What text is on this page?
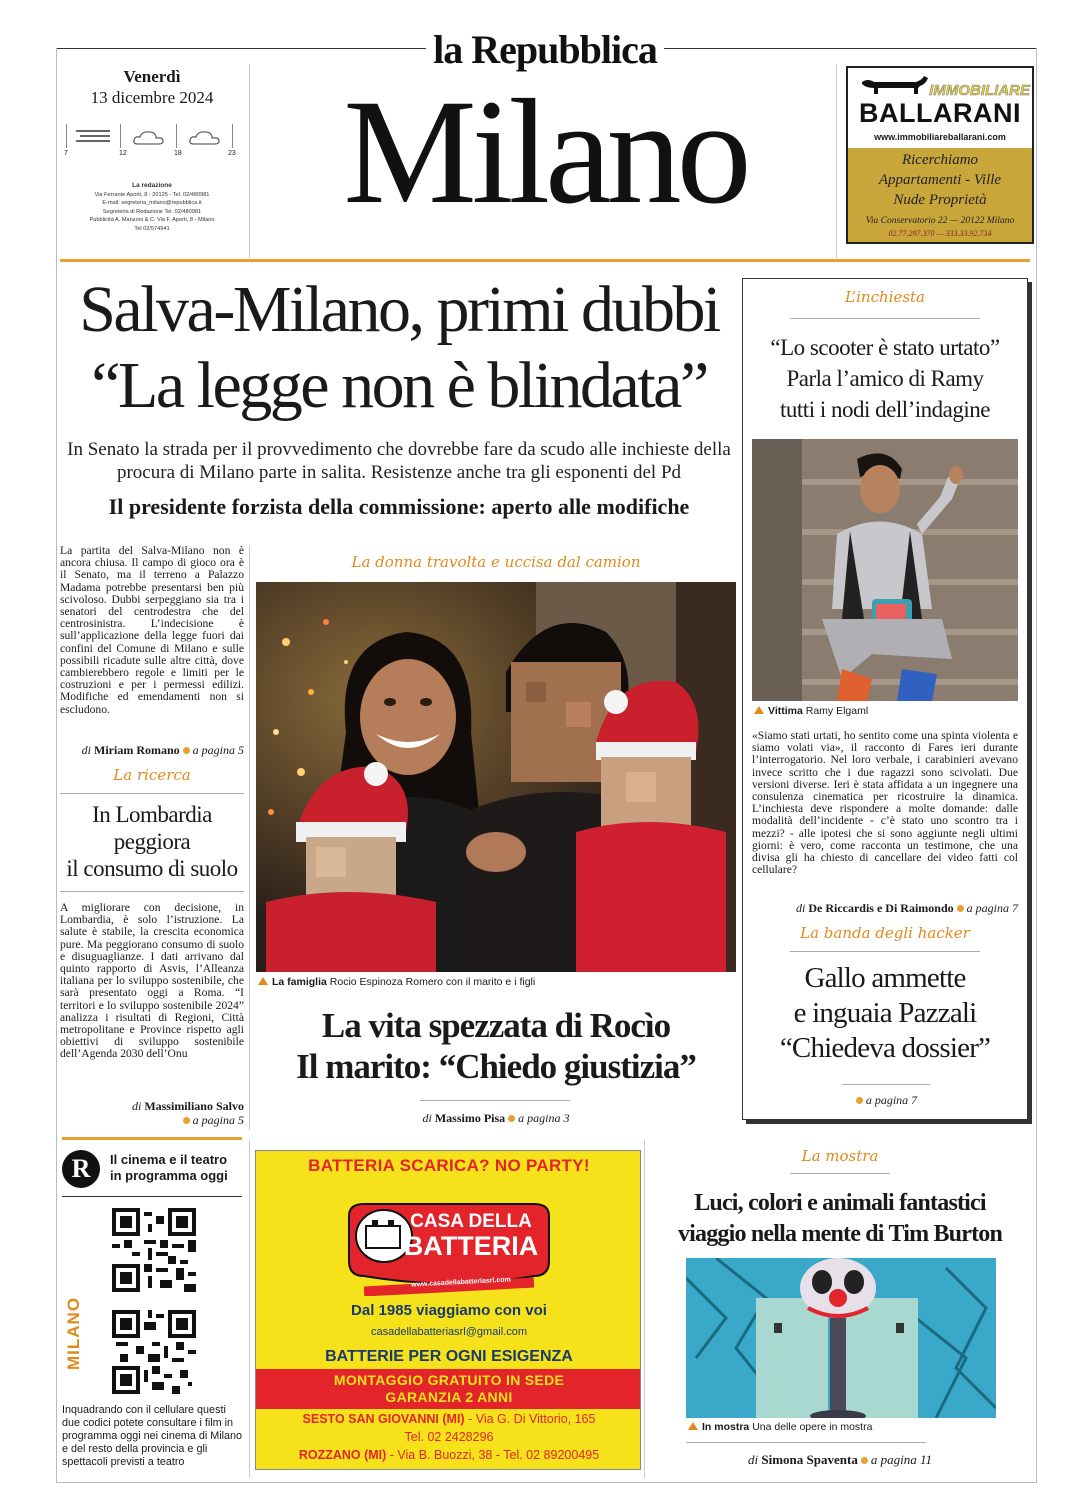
la Repubblica
Milano
Venerdì
13 dicembre 2024
7	12	18	23
La redazione
Via Ferrante Aporti, 8 - 20125 - Tel. 02/480981
E-mail: segreteria_milano@repubblica.it
Segreteria di Redazione Tel. 02/480981
Pubblicità A. Manzoni & C. Via F. Aporti, 8 - Milano
Tel 02/574941
IMMOBILIARE
BALLARANI
www.immobiliareballarani.com
Ricerchiamo
Appartamenti - Ville
Nude Proprietà
Via Conservatorio 22 — 20122 Milano
02.77.297.370 — 333.33.92.734
Salva-Milano, primi dubbi
“La legge non è blindata”
In Senato la strada per il provvedimento che dovrebbe fare da scudo alle inchieste della procura di Milano parte in salita. Resistenze anche tra gli esponenti del Pd
Il presidente forzista della commissione: aperto alle modifiche
La partita del Salva-Milano non è ancora chiusa. Il campo di gioco ora è il Senato, ma il terreno a Palazzo Madama potrebbe presentarsi ben più scivoloso. Dubbi serpeggiano sia tra i senatori del centrodestra che del centrosinistra. L’indecisione è sull’applicazione della legge fuori dai confini del Comune di Milano e sulle possibili ricadute sulle altre città, dove cambierebbero regole e limiti per le costruzioni e per i permessi edilizi. Modifiche ed emendamenti non si escludono.
di Miriam Romano a pagina 5
La ricerca
In Lombardia
peggiora
il consumo di suolo
A migliorare con decisione, in Lombardia, è solo l’istruzione. La salute è stabile, la crescita economica pure. Ma peggiorano consumo di suolo e disuguaglianze. I dati arrivano dal quinto rapporto di Asvis, l’Alleanza italiana per lo sviluppo sostenibile, che sarà presentato oggi a Roma. “I territori e lo sviluppo sostenibile 2024” analizza i risultati di Regioni, Città metropolitane e Province rispetto agli obiettivi di sviluppo sostenibile dell’Agenda 2030 dell’Onu
di Massimiliano Salvo
a pagina 5
La donna travolta e uccisa dal camion
La famiglia Rocio Espinoza Romero con il marito e i figli
La vita spezzata di Rocìo
Il marito: “Chiedo giustizia”
di Massimo Pisa a pagina 3
L’inchiesta
“Lo scooter è stato urtato”
Parla l’amico di Ramy
tutti i nodi dell’indagine
Vittima Ramy Elgaml
«Siamo stati urtati, ho sentito come una spinta violenta e siamo volati via», il racconto di Fares ieri durante l’interrogatorio. Nel loro verbale, i carabinieri avevano invece scritto che i due ragazzi sono scivolati. Due versioni diverse. Ieri è stata affidata a un ingegnere una consulenza cinematica per ricostruire la dinamica. L’inchiesta deve rispondere a molte domande: dalle modalità dell’incidente - c’è stato uno scontro tra i mezzi? - alle ipotesi che si sono aggiunte negli ultimi giorni: è vero, come racconta un testimone, che una divisa gli ha chiesto di cancellare dei video fatti col cellulare?
di De Riccardis e Di Raimondo a pagina 7
La banda degli hacker
Gallo ammette
e inguaia Pazzali
“Chiedeva dossier”
a pagina 7
R	Il cinema e il teatro
in programma oggi
MILANO
Inquadrando con il cellulare questi due codici potete consultare i film in programma oggi nei cinema di Milano e del resto della provincia e gli spettacoli previsti a teatro
BATTERIA SCARICA? NO PARTY!
CASA DELLA
BATTERIA
www.casadellabatteriasrl.com
Dal 1985 viaggiamo con voi
casadellabatteriasrl@gmail.com
BATTERIE PER OGNI ESIGENZA
MONTAGGIO GRATUITO IN SEDE
GARANZIA 2 ANNI
SESTO SAN GIOVANNI (MI) - Via G. Di Vittorio, 165
Tel. 02 2428296
ROZZANO (MI) - Via B. Buozzi, 38 - Tel. 02 89200495
La mostra
Luci, colori e animali fantastici
viaggio nella mente di Tim Burton
In mostra Una delle opere in mostra
di Simona Spaventa a pagina 11
